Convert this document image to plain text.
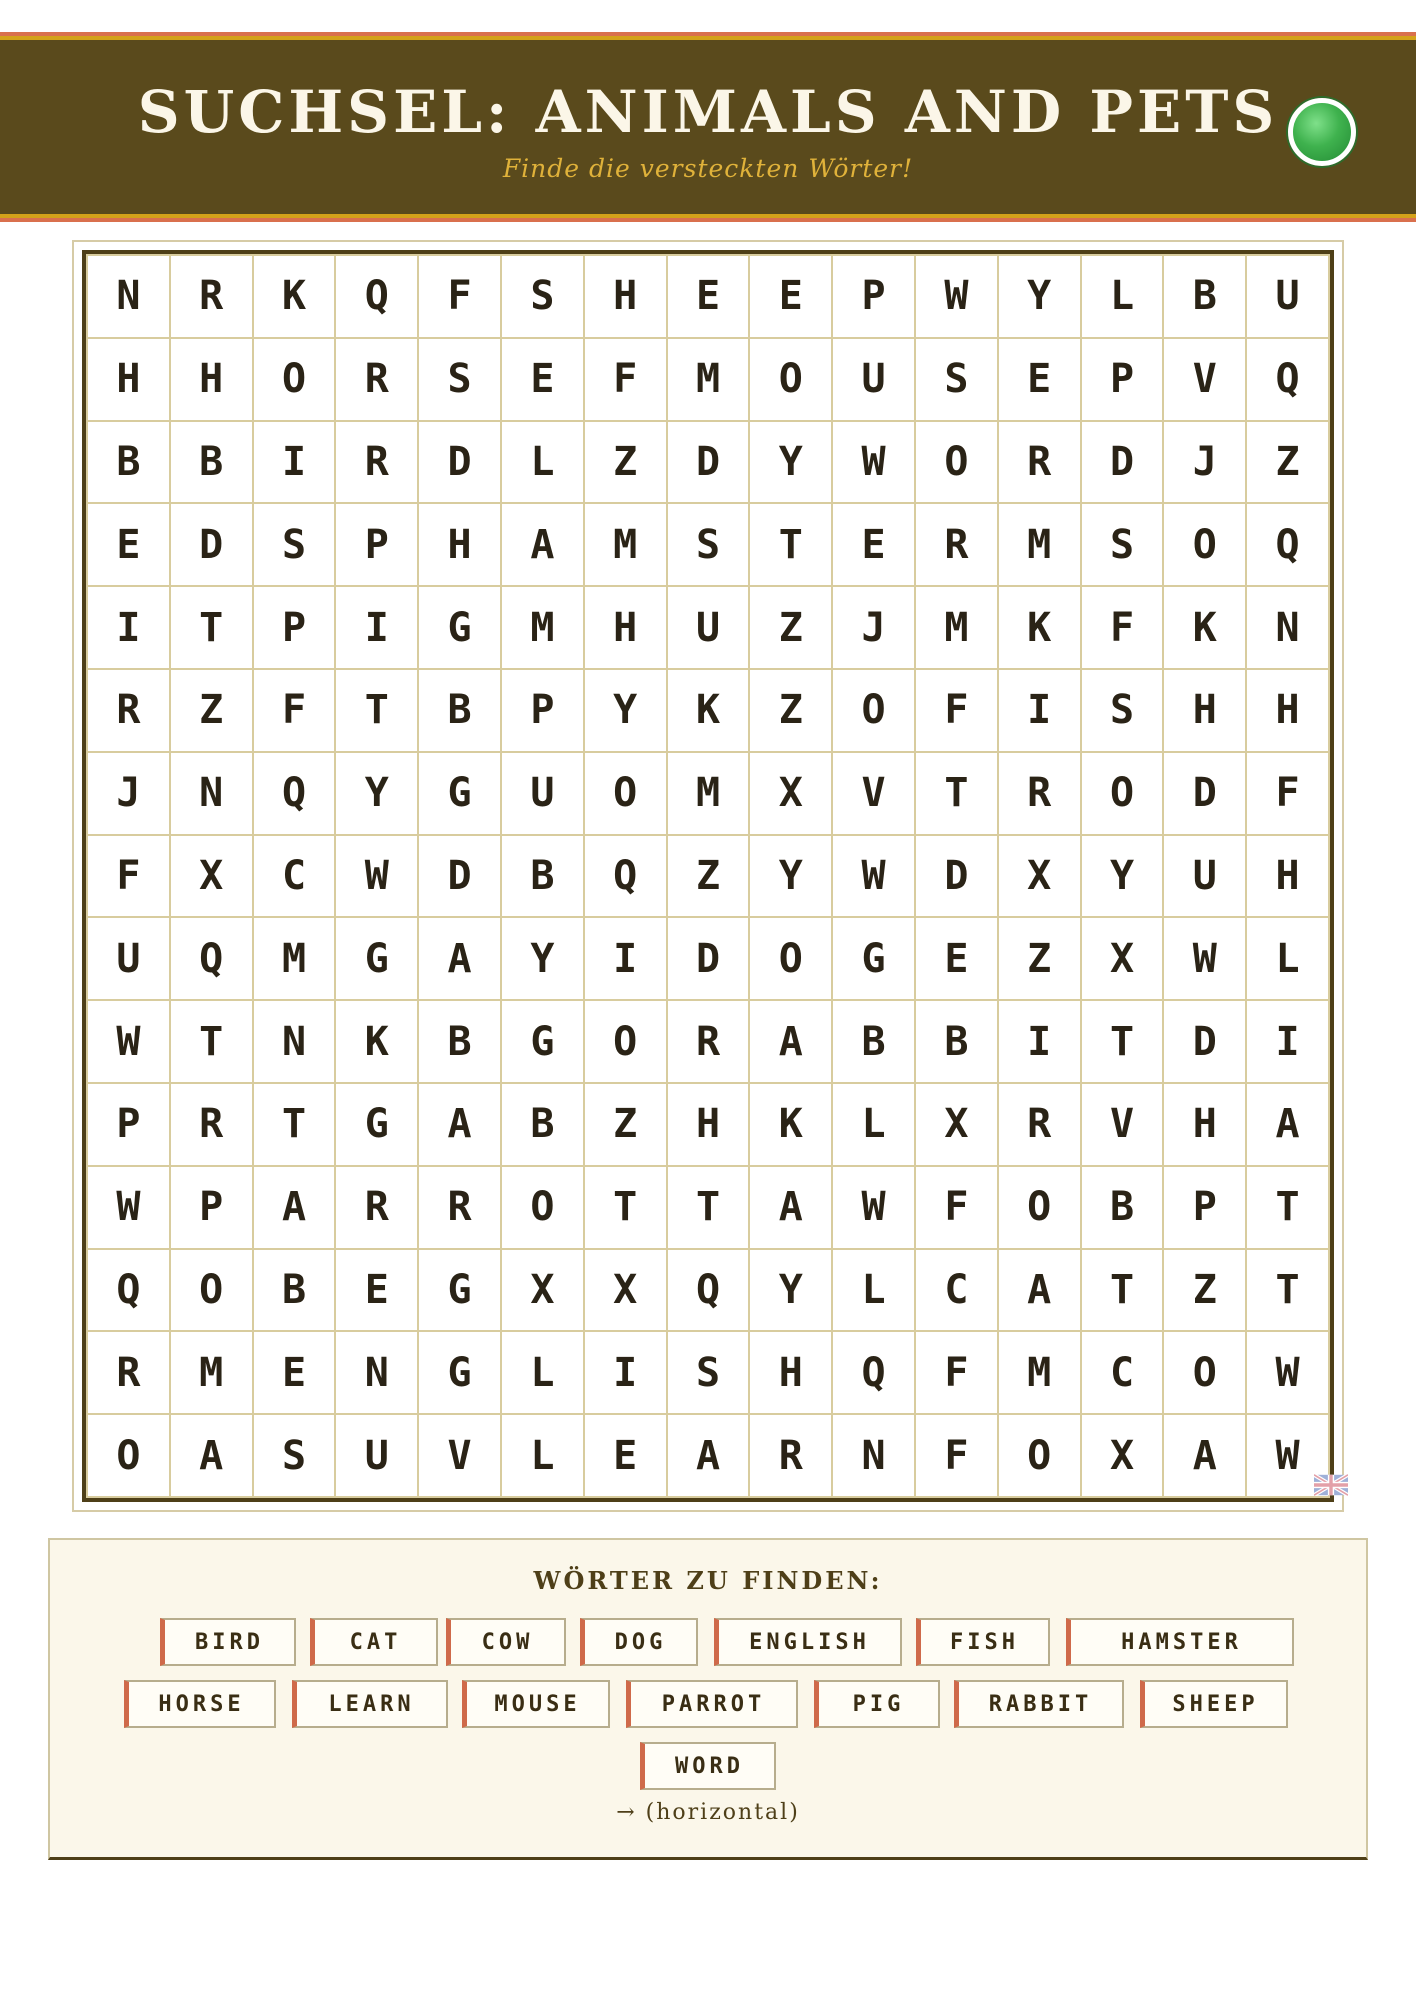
SUCHSEL: ANIMALS AND PETS
Finde die versteckten Wörter!
N	R	K	Q	F	S	H	E	E	P	W	Y	L	B	U
H	H	O	R	S	E	F	M	O	U	S	E	P	V	Q
B	B	I	R	D	L	Z	D	Y	W	O	R	D	J	Z
E	D	S	P	H	A	M	S	T	E	R	M	S	O	Q
I	T	P	I	G	M	H	U	Z	J	M	K	F	K	N
R	Z	F	T	B	P	Y	K	Z	O	F	I	S	H	H
J	N	Q	Y	G	U	O	M	X	V	T	R	O	D	F
F	X	C	W	D	B	Q	Z	Y	W	D	X	Y	U	H
U	Q	M	G	A	Y	I	D	O	G	E	Z	X	W	L
W	T	N	K	B	G	O	R	A	B	B	I	T	D	I
P	R	T	G	A	B	Z	H	K	L	X	R	V	H	A
W	P	A	R	R	O	T	T	A	W	F	O	B	P	T
Q	O	B	E	G	X	X	Q	Y	L	C	A	T	Z	T
R	M	E	N	G	L	I	S	H	Q	F	M	C	O	W
O	A	S	U	V	L	E	A	R	N	F	O	X	A	W
WÖRTER ZU FINDEN:
BIRD	CAT	COW	DOG	ENGLISH	FISH	HAMSTER
HORSE	LEARN	MOUSE	PARROT	PIG	RABBIT	SHEEP
WORD
→ (horizontal)
